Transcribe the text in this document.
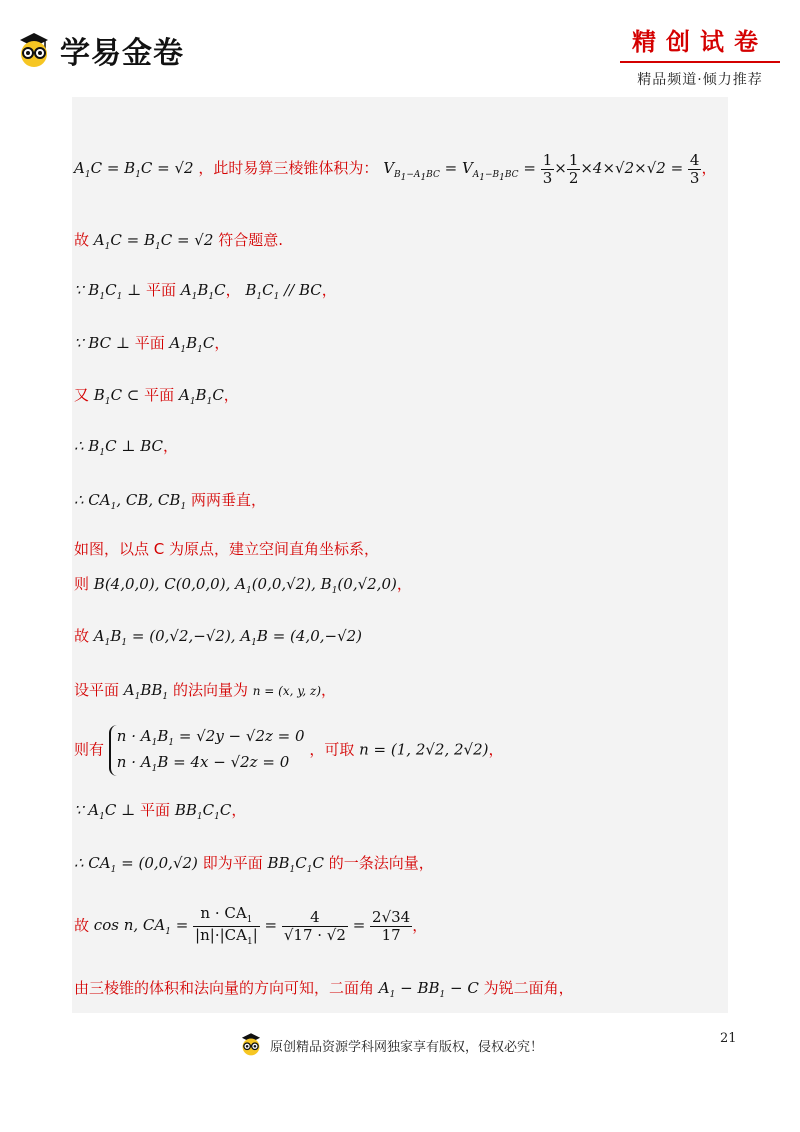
学易金卷	精创试卷
精品频道·倾力推荐
$A_1C = B_1C = √2$ ，此时易算三棱锥体积为： $V_{B_1-A_1BC} = V_{A_1-B_1BC} = \frac{1}{3} \times \frac{1}{2} \times 4\times√2\times√2 = \frac{4}{3}$ ，
故 $A_1C = B_1C = √2$ 符合题意.
∵ $B_1C_1$ ⊥ 平面 $A_1B_1C$， $B_1C_1$ // BC，
∵ BC ⊥ 平面 $A_1B_1C$，
又 $B_1C$ ⊂ 平面 $A_1B_1C$，
∴ $B_1C$ ⊥ BC，
∴ $CA_1$, CB, $CB_1$ 两两垂直，
如图，以点 C 为原点，建立空间直角坐标系，
则 B(4,0,0), C(0,0,0), $A_1(0,0,√2)$, $B_1(0,√2,0)$，
故 $A_1B_1 = (0,√2,-√2)$, $A_1B = (4,0,-√2)$
设平面 $A_1BB_1$ 的法向量为 n = (x, y, z)，
则有 $n \cdot A_1B_1 = √2y - √2z = 0$
$n \cdot A_1B = 4x - √2z = 0$ ，可取 n = (1, 2√2, 2√2)，
∵ $A_1C$ ⊥ 平面 $BB_1C_1C$，
∴ $CA_1 = (0,0,√2)$ 即为平面 $BB_1C_1C$ 的一条法向量，
故 cos n, $CA_1 = \frac{n \cdot CA_1}{|n|\cdot|CA_1|} = \frac{4}{√17 \cdot √2} = \frac{2√34}{17}$ ，
由三棱锥的体积和法向量的方向可知，二面角 $A_1 - BB_1 - C$ 为锐二面角，
21
原创精品资源学科网独家享有版权，侵权必究！
